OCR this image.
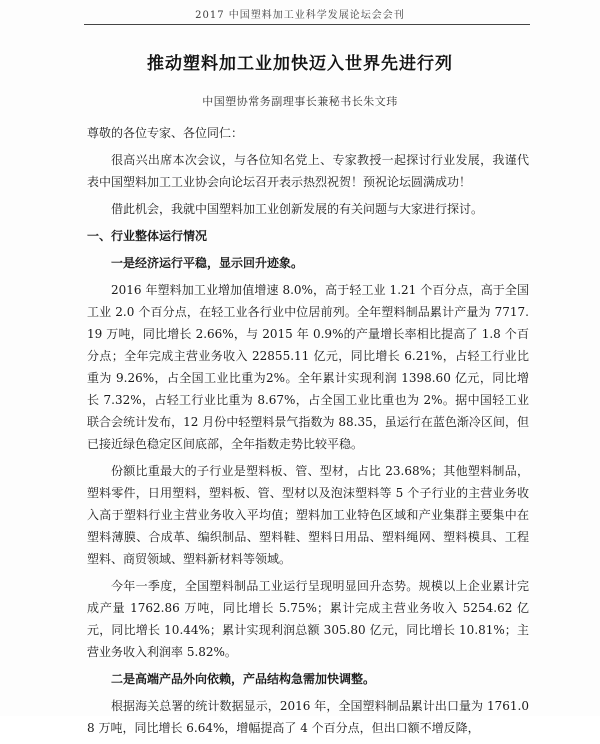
2017 中国塑料加工业科学发展论坛会会刊
推动塑料加工业加快迈入世界先进行列
中国塑协常务副理事长兼秘书长朱文玮

尊敬的各位专家、各位同仁：

很高兴出席本次会议，与各位知名党上、专家教授一起探讨行业发展，我谨代表中国塑料加工工业协会向论坛召开表示热烈祝贺！预祝论坛圆满成功！

借此机会，我就中国塑料加工业创新发展的有关问题与大家进行探讨。

一、行业整体运行情况

一是经济运行平稳，显示回升迹象。

2016 年塑料加工业增加值增速 8.0%，高于轻工业 1.21 个百分点，高于全国工业 2.0 个百分点，在轻工业各行业中位居前列。全年塑料制品累计产量为 7717.19 万吨，同比增长 2.66%，与 2015 年 0.9%的产量增长率相比提高了 1.8 个百分点；全年完成主营业务收入 22855.11 亿元，同比增长 6.21%，占轻工行业比重为 9.26%，占全国工业比重为2%。全年累计实现利润 1398.60 亿元，同比增长 7.32%，占轻工行业比重为 8.67%，占全国工业比重也为 2%。据中国轻工业联合会统计发布，12 月份中轻塑料景气指数为 88.35，虽运行在蓝色渐冷区间，但已接近绿色稳定区间底部，全年指数走势比较平稳。

份额比重最大的子行业是塑料板、管、型材，占比 23.68%；其他塑料制品，塑料零件，日用塑料，塑料板、管、型材以及泡沫塑料等 5 个子行业的主营业务收入高于塑料行业主营业务收入平均值；塑料加工业特色区域和产业集群主要集中在塑料薄膜、合成革、编织制品、塑料鞋、塑料日用品、塑料绳网、塑料模具、工程塑料、商贸领域、塑料新材料等领域。

今年一季度，全国塑料制品工业运行呈现明显回升态势。规模以上企业累计完成产量 1762.86 万吨，同比增长 5.75%；累计完成主营业务收入 5254.62 亿元，同比增长 10.44%；累计实现利润总额 305.80 亿元，同比增长 10.81%；主营业务收入利润率 5.82%。

二是高端产品外向依赖，产品结构急需加快调整。

根据海关总署的统计数据显示，2016 年，全国塑料制品累计出口量为 1761.08 万吨，同比增长 6.64%，增幅提高了 4 个百分点，但出口额不增反降，
